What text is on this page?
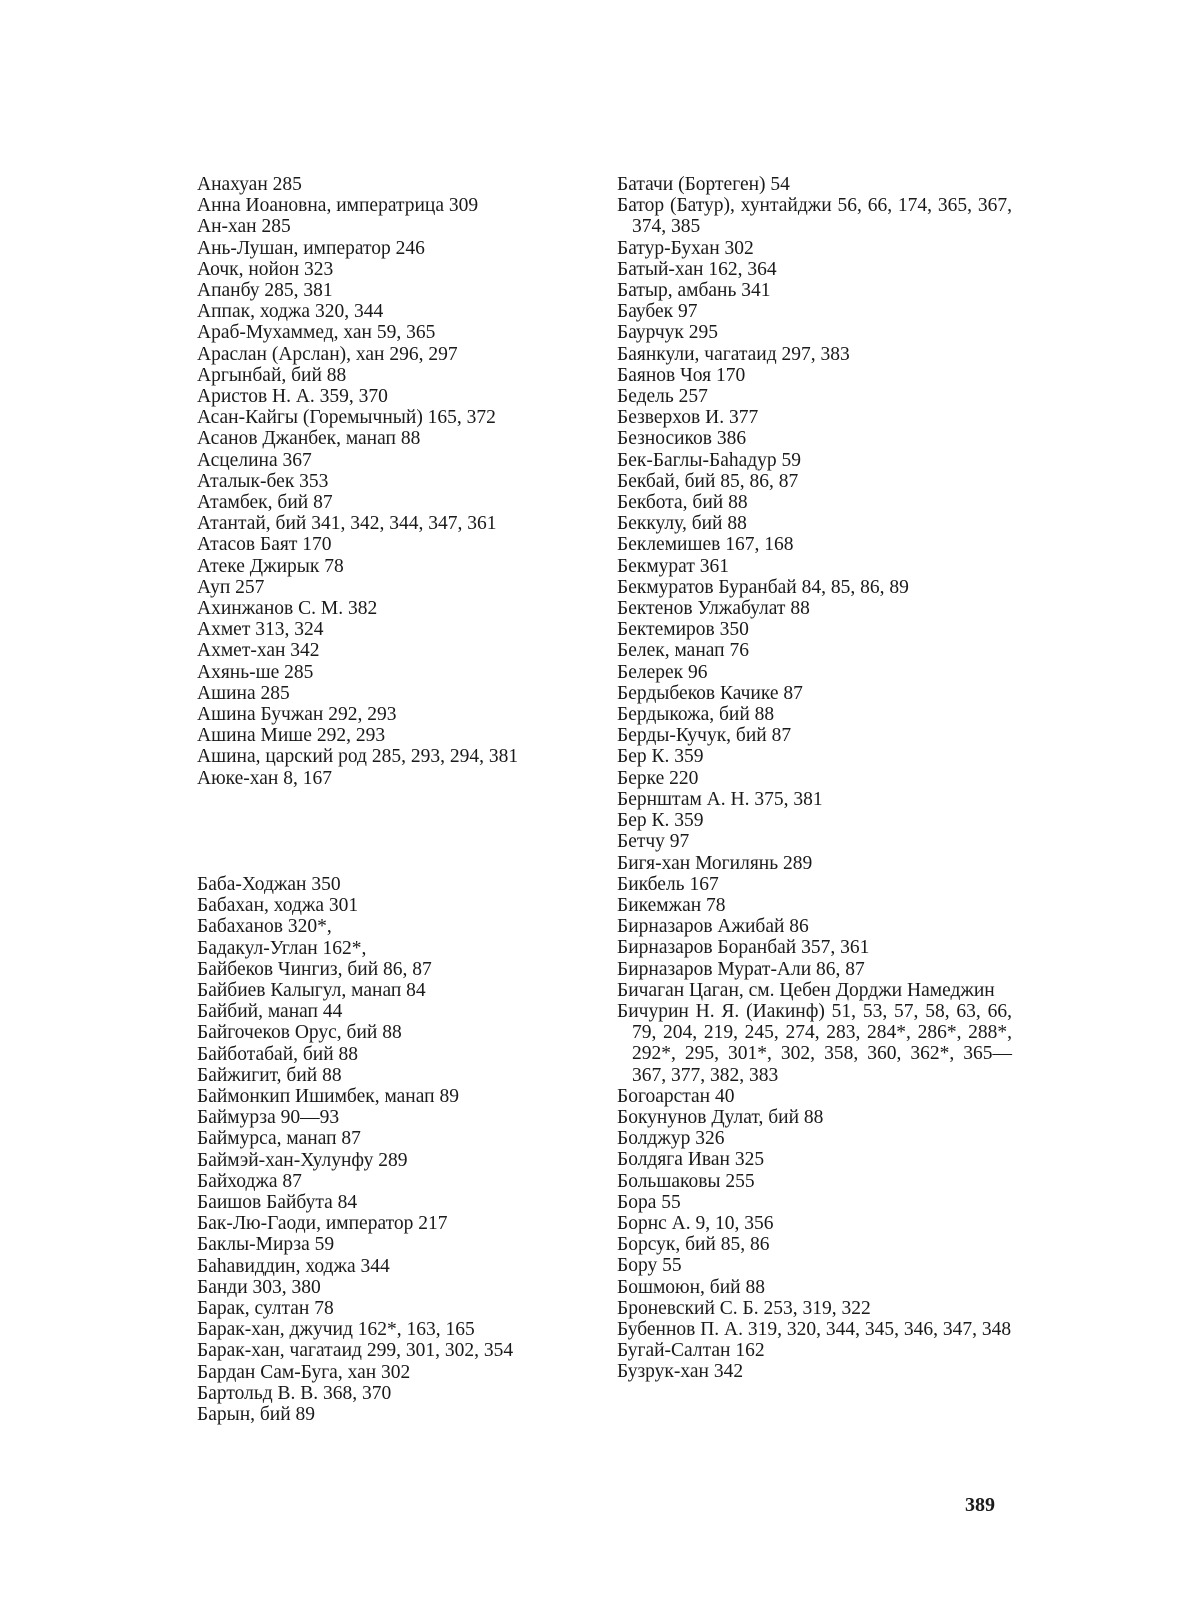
Анахуан 285
Анна Иоановна, императрица 309
Ан-хан 285
Ань-Лушан, император 246
Аочк, нойон 323
Апанбу 285, 381
Аппак, ходжа 320, 344
Араб-Мухаммед, хан 59, 365
Араслан (Арслан), хан 296, 297
Аргынбай, бий 88
Аристов Н. А. 359, 370
Асан-Кайгы (Горемычный) 165, 372
Асанов Джанбек, манап 88
Асцелина 367
Аталык-бек 353
Атамбек, бий 87
Атантай, бий 341, 342, 344, 347, 361
Атасов Баят 170
Атеке Джирык 78
Ауп 257
Ахинжанов С. М. 382
Ахмет 313, 324
Ахмет-хан 342
Ахянь-ше 285
Ашина 285
Ашина Бучжан 292, 293
Ашина Мише 292, 293
Ашина, царский род 285, 293, 294, 381
Аюке-хан 8, 167
Баба-Ходжан 350
Бабахан, ходжа 301
Бабаханов 320*,
Бадакул-Углан 162*,
Байбеков Чингиз, бий 86, 87
Байбиев Калыгул, манап 84
Байбий, манап 44
Байгочеков Орус, бий 88
Байботабай, бий 88
Байжигит, бий 88
Баймонкип Ишимбек, манап 89
Баймурза 90—93
Баймурса, манап 87
Баймэй-хан-Хулунфу 289
Байходжа 87
Баишов Байбута 84
Бак-Лю-Гаоди, император 217
Баклы-Мирза 59
Баhавиддин, ходжа 344
Банди 303, 380
Барак, султан 78
Барак-хан, джучид 162*, 163, 165
Барак-хан, чагатаид 299, 301, 302, 354
Бардан Сам-Буга, хан 302
Бартольд В. В. 368, 370
Барын, бий 89
Батачи (Бортеген) 54
Батор (Батур), хунтайджи 56, 66, 174, 365, 367, 374, 385
Батур-Бухан 302
Батый-хан 162, 364
Батыр, амбань 341
Баубек 97
Баурчук 295
Баянкули, чагатаид 297, 383
Баянов Чоя 170
Бедель 257
Безверхов И. 377
Безносиков 386
Бек-Баглы-Баhадур 59
Бекбай, бий 85, 86, 87
Бекбота, бий 88
Беккулу, бий 88
Беклемишев 167, 168
Бекмурат 361
Бекмуратов Буранбай 84, 85, 86, 89
Бектенов Улжабулат 88
Бектемиров 350
Белек, манап 76
Белерек 96
Бердыбеков Качике 87
Бердыкожа, бий 88
Берды-Кучук, бий 87
Бер К. 359
Берке 220
Бернштам А. Н. 375, 381
Бер К. 359
Бетчу 97
Бигя-хан Могилянь 289
Бикбель 167
Бикемжан 78
Бирназаров Ажибай 86
Бирназаров Боранбай 357, 361
Бирназаров Мурат-Али 86, 87
Бичаган Цаган, см. Цебен Дорджи Намеджин
Бичурин Н. Я. (Иакинф) 51, 53, 57, 58, 63, 66, 79, 204, 219, 245, 274, 283, 284*, 286*, 288*, 292*, 295, 301*, 302, 358, 360, 362*, 365—367, 377, 382, 383
Богоарстан 40
Бокунунов Дулат, бий 88
Болджур 326
Болдяга Иван 325
Большаковы 255
Бора 55
Борнс А. 9, 10, 356
Борсук, бий 85, 86
Бору 55
Бошмоюн, бий 88
Броневский С. Б. 253, 319, 322
Бубеннов П. А. 319, 320, 344, 345, 346, 347, 348
Бугай-Салтан 162
Бузрук-хан 342
389
